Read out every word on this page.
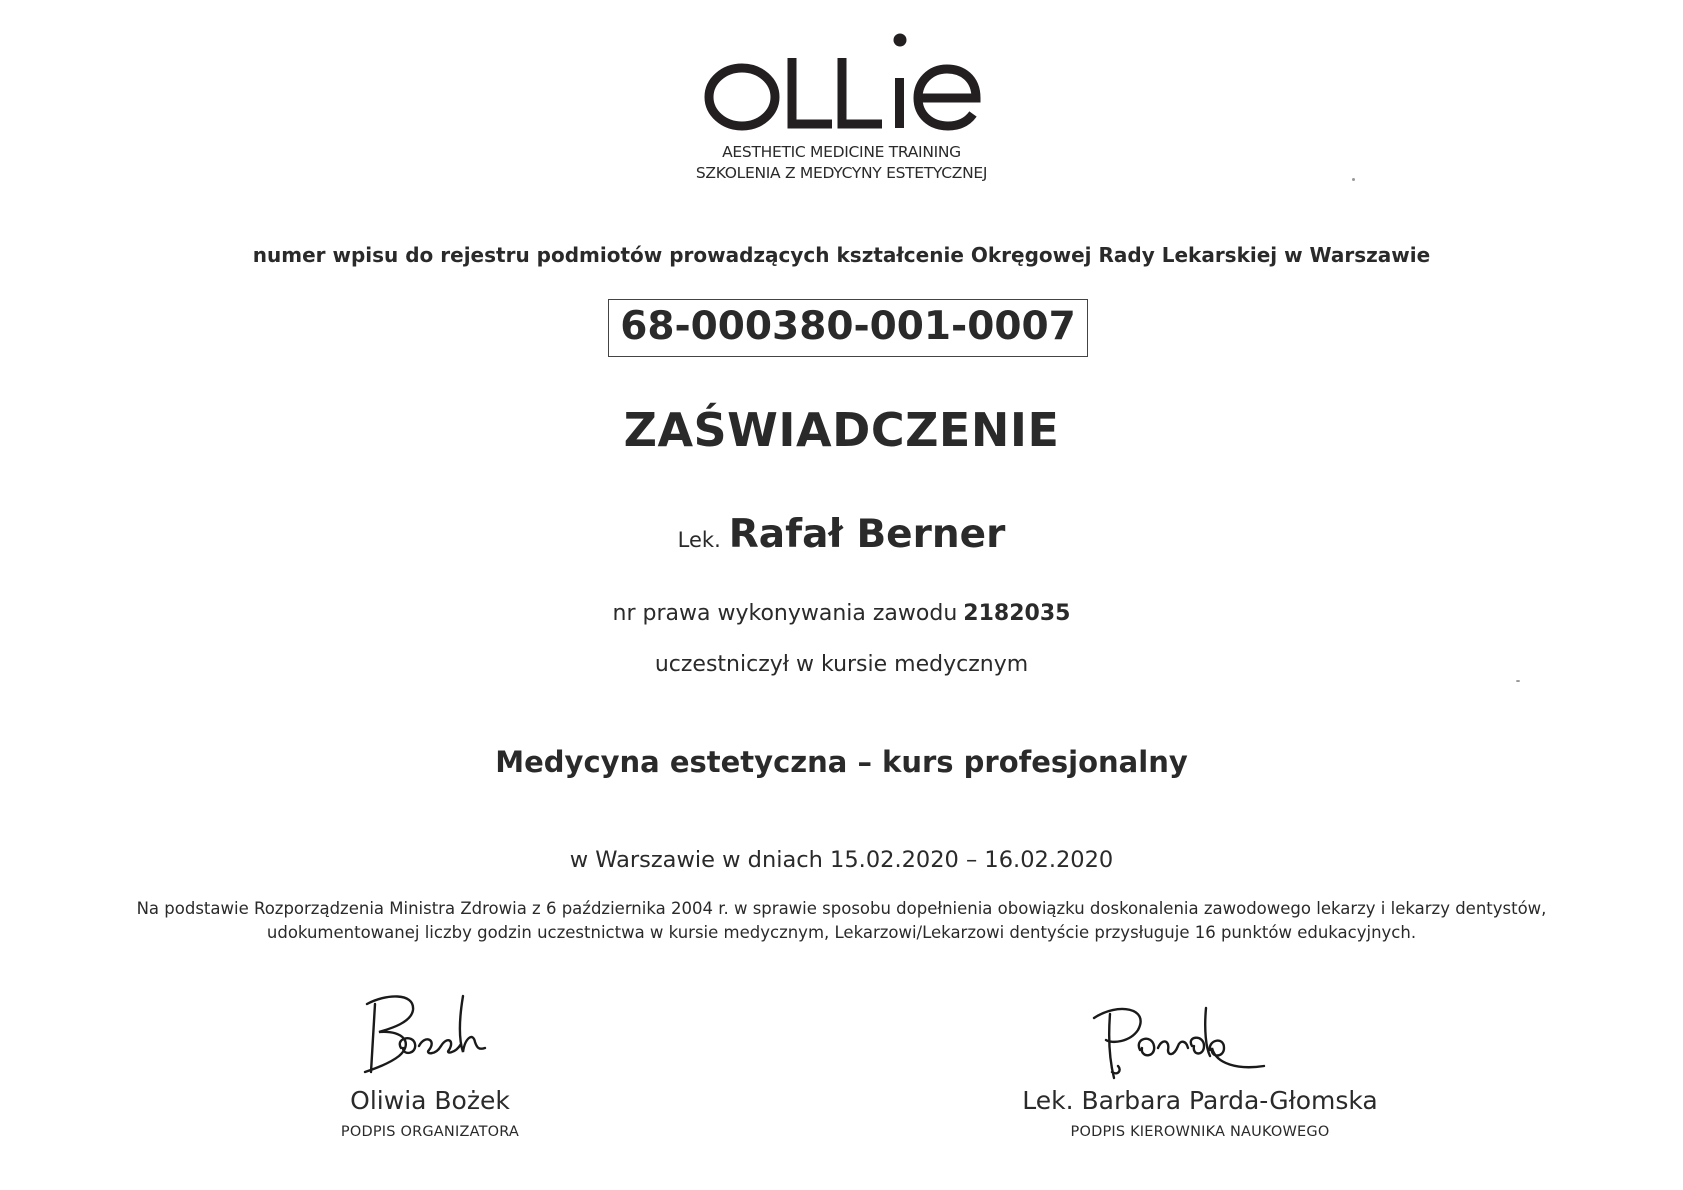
AESTHETIC MEDICINE TRAINING
SZKOLENIA Z MEDYCYNY ESTETYCZNEJ
numer wpisu do rejestru podmiotów prowadzących kształcenie Okręgowej Rady Lekarskiej w Warszawie
68-000380-001-0007
ZAŚWIADCZENIE
Lek. Rafał Berner
nr prawa wykonywania zawodu 2182035
uczestniczył w kursie medycznym
Medycyna estetyczna – kurs profesjonalny
w Warszawie w dniach 15.02.2020 – 16.02.2020
Na podstawie Rozporządzenia Ministra Zdrowia z 6 października 2004 r. w sprawie sposobu dopełnienia obowiązku doskonalenia zawodowego lekarzy i lekarzy dentystów,
udokumentowanej liczby godzin uczestnictwa w kursie medycznym, Lekarzowi/Lekarzowi dentyście przysługuje 16 punktów edukacyjnych.
Oliwia Bożek
PODPIS ORGANIZATORA
Lek. Barbara Parda-Głomska
PODPIS KIEROWNIKA NAUKOWEGO
